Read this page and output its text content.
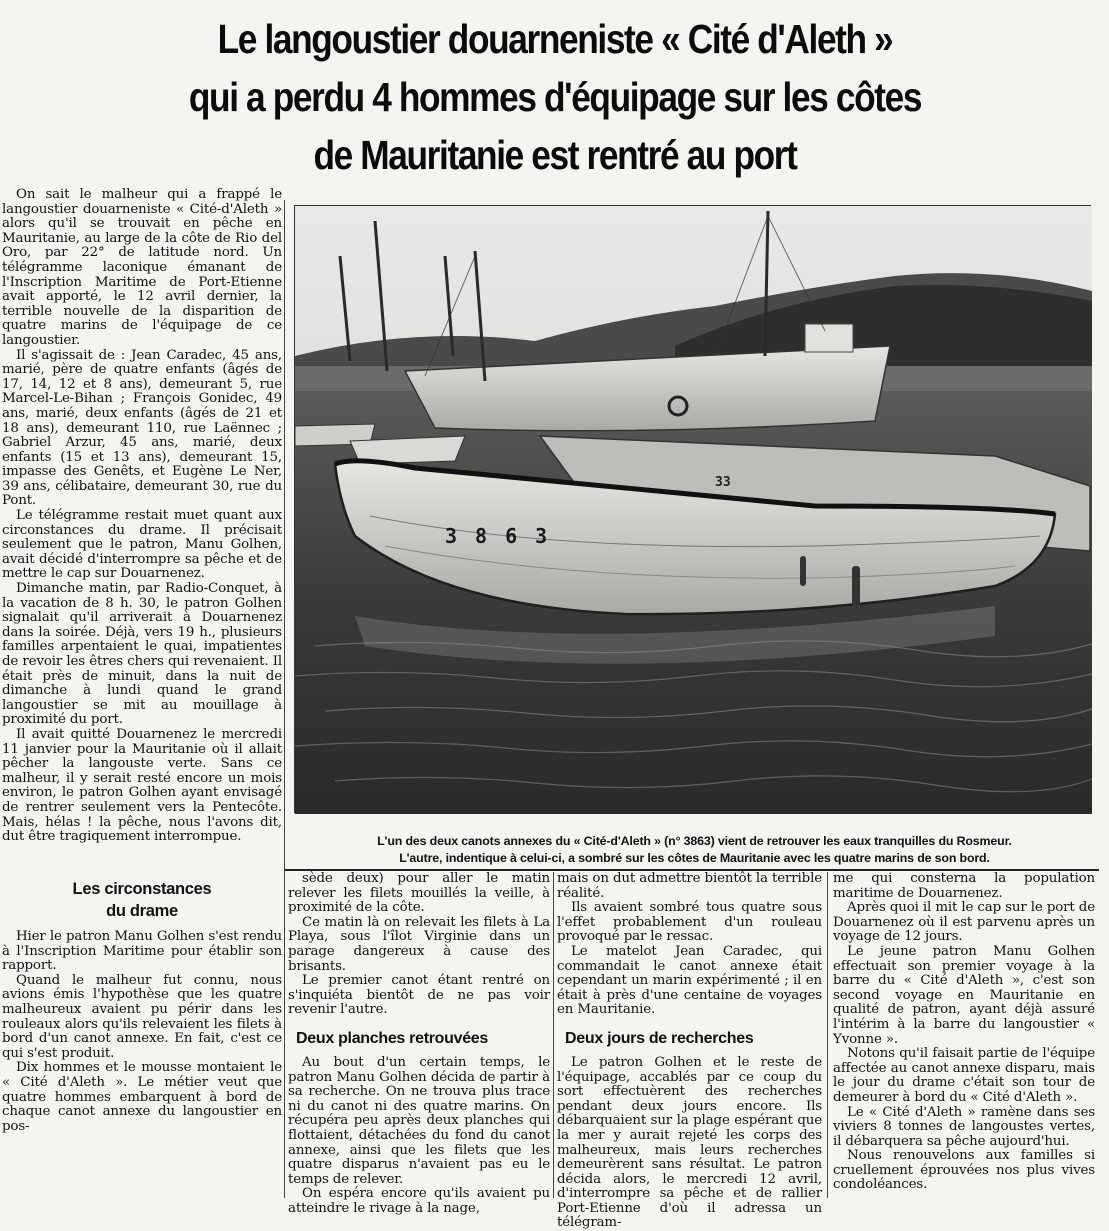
Le langoustier douarneniste « Cité d'Aleth »
qui a perdu 4 hommes d'équipage sur les côtes
de Mauritanie est rentré au port

On sait le malheur qui a frappé le langoustier douarneniste « Cité-d'Aleth » alors qu'il se trouvait en pêche en Mauritanie, au large de la côte de Rio del Oro, par 22° de latitude nord. Un télégramme laconique émanant de l'Inscription Maritime de Port-Etienne avait apporté, le 12 avril dernier, la terrible nouvelle de la disparition de quatre marins de l'équipage de ce langoustier.

Il s'agissait de : Jean Caradec, 45 ans, marié, père de quatre enfants (âgés de 17, 14, 12 et 8 ans), demeurant 5, rue Marcel-Le-Bihan ; François Gonidec, 49 ans, marié, deux enfants (âgés de 21 et 18 ans), demeurant 110, rue Laënnec ; Gabriel Arzur, 45 ans, marié, deux enfants (15 et 13 ans), demeurant 15, impasse des Genêts, et Eugène Le Ner, 39 ans, célibataire, demeurant 30, rue du Pont.

Le télégramme restait muet quant aux circonstances du drame. Il précisait seulement que le patron, Manu Golhen, avait décidé d'interrompre sa pêche et de mettre le cap sur Douarnenez.

Dimanche matin, par Radio-Conquet, à la vacation de 8 h. 30, le patron Golhen signalait qu'il arriverait à Douarnenez dans la soirée. Déjà, vers 19 h., plusieurs familles arpentaient le quai, impatientes de revoir les êtres chers qui revenaient. Il était près de minuit, dans la nuit de dimanche à lundi quand le grand langoustier se mit au mouillage à proximité du port.

Il avait quitté Douarnenez le mercredi 11 janvier pour la Mauritanie où il allait pêcher la langouste verte. Sans ce malheur, il y serait resté encore un mois environ, le patron Golhen ayant envisagé de rentrer seulement vers la Pentecôte. Mais, hélas ! la pêche, nous l'avons dit, dut être tragiquement interrompue.

Les circonstances
du drame

Hier le patron Manu Golhen s'est rendu à l'Inscription Maritime pour établir son rapport.

Quand le malheur fut connu, nous avions émis l'hypothèse que les quatre malheureux avaient pu périr dans les rouleaux alors qu'ils relevaient les filets à bord d'un canot annexe. En fait, c'est ce qui s'est produit.

Dix hommes et le mousse montaient le « Cité d'Aleth ». Le métier veut que quatre hommes embarquent à bord de chaque canot annexe du langoustier en pos-

33
3863
L'un des deux canots annexes du « Cité-d'Aleth » (n° 3863) vient de retrouver les eaux tranquilles du Rosmeur.
L'autre, indentique à celui-ci, a sombré sur les côtes de Mauritanie avec les quatre marins de son bord.

sède deux) pour aller le matin relever les filets mouillés la veille, à proximité de la côte.

Ce matin là on relevait les filets à La Playa, sous l'îlot Virginie dans un parage dangereux à cause des brisants.

Le premier canot étant rentré on s'inquiéta bientôt de ne pas voir revenir l'autre.

Deux planches retrouvées

Au bout d'un certain temps, le patron Manu Golhen décida de partir à sa recherche. On ne trouva plus trace ni du canot ni des quatre marins. On récupéra peu après deux planches qui flottaient, détachées du fond du canot annexe, ainsi que les filets que les quatre disparus n'avaient pas eu le temps de relever.

On espéra encore qu'ils avaient pu atteindre le rivage à la nage,

mais on dut admettre bientôt la terrible réalité.

Ils avaient sombré tous quatre sous l'effet probablement d'un rouleau provoqué par le ressac.

Le matelot Jean Caradec, qui commandait le canot annexe était cependant un marin expérimenté ; il en était à près d'une centaine de voyages en Mauritanie.

Deux jours de recherches

Le patron Golhen et le reste de l'équipage, accablés par ce coup du sort effectuèrent des recherches pendant deux jours encore. Ils débarquaient sur la plage espérant que la mer y aurait rejeté les corps des malheureux, mais leurs recherches demeurèrent sans résultat. Le patron décida alors, le mercredi 12 avril, d'interrompre sa pêche et de rallier Port-Etienne d'où il adressa un télégram-

me qui consterna la population maritime de Douarnenez.

Après quoi il mit le cap sur le port de Douarnenez où il est parvenu après un voyage de 12 jours.

Le jeune patron Manu Golhen effectuait son premier voyage à la barre du « Cité d'Aleth », c'est son second voyage en Mauritanie en qualité de patron, ayant déjà assuré l'intérim à la barre du langoustier « Yvonne ».

Notons qu'il faisait partie de l'équipe affectée au canot annexe disparu, mais le jour du drame c'était son tour de demeurer à bord du « Cité d'Aleth ».

Le « Cité d'Aleth » ramène dans ses viviers 8 tonnes de langoustes vertes, il débarquera sa pêche aujourd'hui.

Nous renouvelons aux familles si cruellement éprouvées nos plus vives condoléances.
